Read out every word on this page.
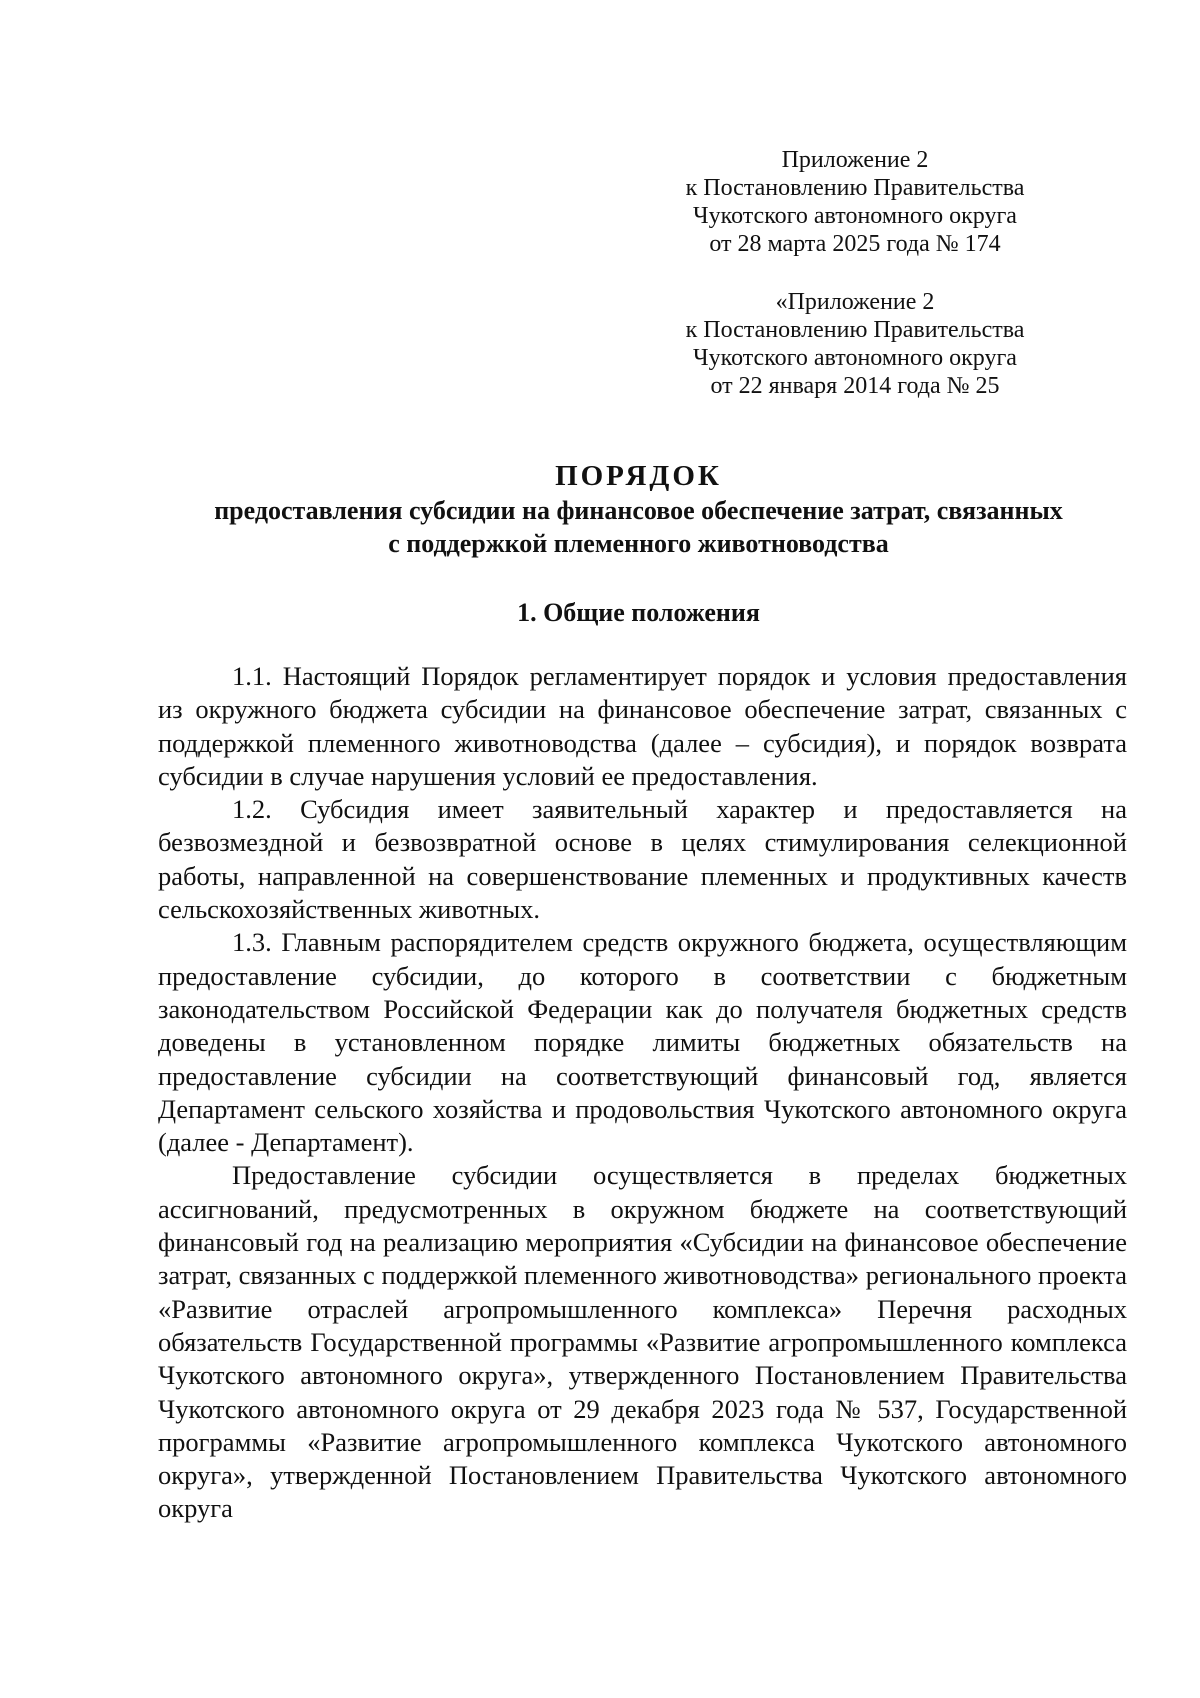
Приложение 2
к Постановлению Правительства
Чукотского автономного округа
от 28 марта 2025 года № 174
«Приложение 2
к Постановлению Правительства
Чукотского автономного округа
от 22 января 2014 года № 25
ПОРЯДОК
предоставления субсидии на финансовое обеспечение затрат, связанных
с поддержкой племенного животноводства
1. Общие положения

1.1. Настоящий Порядок регламентирует порядок и условия предоставления из окружного бюджета субсидии на финансовое обеспечение затрат, связанных с поддержкой племенного животноводства (далее – субсидия), и порядок возврата субсидии в случае нарушения условий ее предоставления.

1.2. Субсидия имеет заявительный характер и предоставляется на безвозмездной и безвозвратной основе в целях стимулирования селекционной работы, направленной на совершенствование племенных и продуктивных качеств сельскохозяйственных животных.

1.3. Главным распорядителем средств окружного бюджета, осуществляющим предоставление субсидии, до которого в соответствии с бюджетным законодательством Российской Федерации как до получателя бюджетных средств доведены в установленном порядке лимиты бюджетных обязательств на предоставление субсидии на соответствующий финансовый год, является Департамент сельского хозяйства и продовольствия Чукотского автономного округа (далее - Департамент).

Предоставление субсидии осуществляется в пределах бюджетных ассигнований, предусмотренных в окружном бюджете на соответствующий финансовый год на реализацию мероприятия «Субсидии на финансовое обеспечение затрат, связанных с поддержкой племенного животноводства» регионального проекта «Развитие отраслей агропромышленного комплекса» Перечня расходных обязательств Государственной программы «Развитие агропромышленного комплекса Чукотского автономного округа», утвержденного Постановлением Правительства Чукотского автономного округа от 29 декабря 2023 года № 537, Государственной программы «Развитие агропромышленного комплекса Чукотского автономного округа», утвержденной Постановлением Правительства Чукотского автономного округа
